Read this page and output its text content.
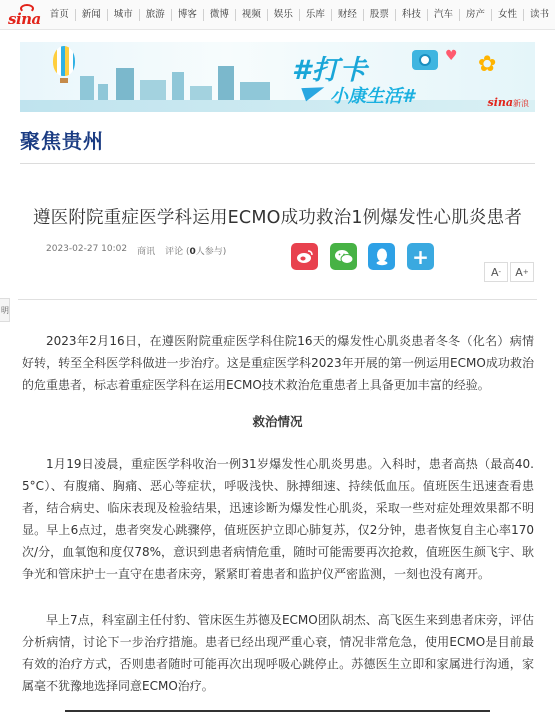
sina 首页	新闻	城市	旅游	博客	微博	视频	娱乐	乐库	财经	股票	科技	汽车	房产	女性	读书
#打卡
小康生活#
♥ ✿
sina新浪
聚焦贵州
遵医附院重症医学科运用ECMO成功救治1例爆发性心肌炎患者
2023-02-27 10:02 商讯 评论 (0人参与)	+
A - A +
明

2023年2月16日，在遵医附院重症医学科住院16天的爆发性心肌炎患者冬冬（化名）病情好转，转至全科医学科做进一步治疗。这是重症医学科2023年开展的第一例运用ECMO成功救治的危重患者，标志着重症医学科在运用ECMO技术救治危重患者上具备更加丰富的经验。

救治情况

1月19日凌晨，重症医学科收治一例31岁爆发性心肌炎男患。入科时，患者高热（最高40.5°C）、有腹痛、胸痛、恶心等症状，呼吸浅快、脉搏细速、持续低血压。值班医生迅速查看患者，结合病史、临床表现及检验结果，迅速诊断为爆发性心肌炎，采取一些对症处理效果都不明显。早上6点过，患者突发心跳骤停，值班医护立即心肺复苏，仅2分钟，患者恢复自主心率170次/分，血氧饱和度仅78%，意识到患者病情危重，随时可能需要再次抢救，值班医生颜飞宇、耿争光和管床护士一直守在患者床旁，紧紧盯着患者和监护仪严密监测，一刻也没有离开。

早上7点，科室副主任付豹、管床医生苏德及ECMO团队胡杰、高飞医生来到患者床旁，评估分析病情，讨论下一步治疗措施。患者已经出现严重心衰，情况非常危急，使用ECMO是目前最有效的治疗方式，否则患者随时可能再次出现呼吸心跳停止。苏德医生立即和家属进行沟通，家属毫不犹豫地选择同意ECMO治疗。
